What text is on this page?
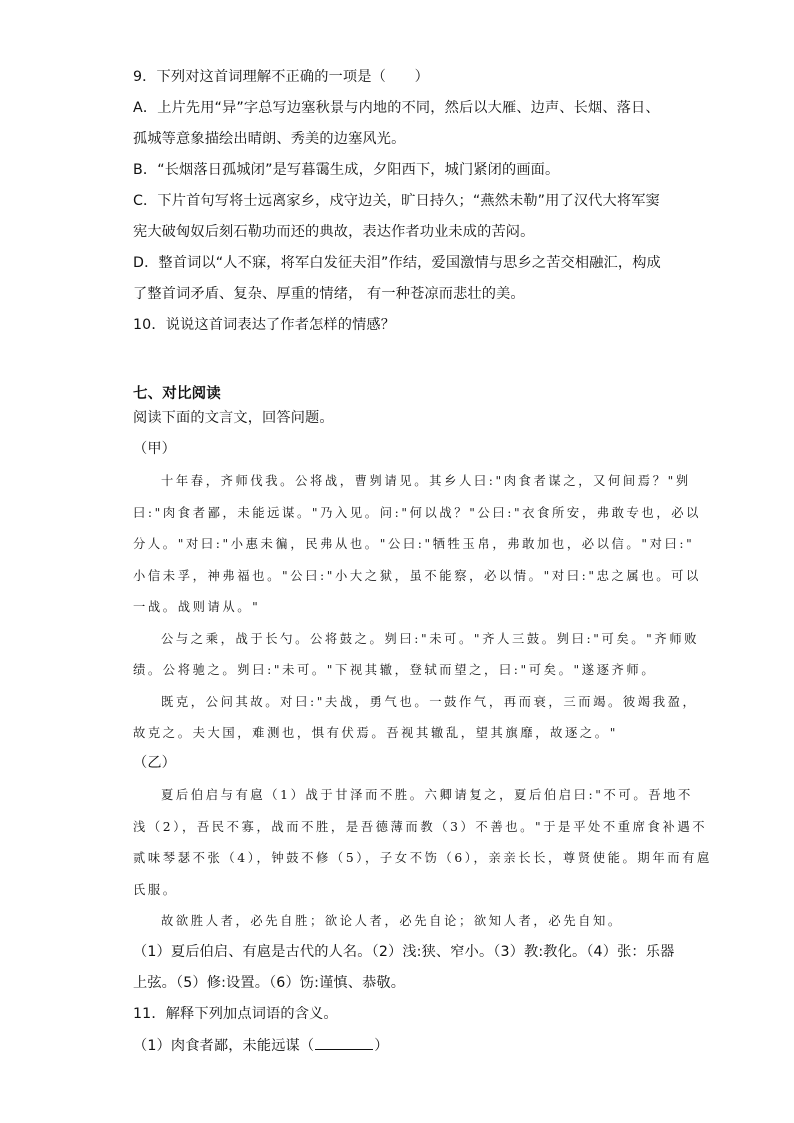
9．下列对这首词理解不正确的一项是（　　）
A．上片先用“异”字总写边塞秋景与内地的不同，然后以大雁、边声、长烟、落日、
孤城等意象描绘出晴朗、秀美的边塞风光。
B．“长烟落日孤城闭”是写暮霭生成，夕阳西下，城门紧闭的画面。
C．下片首句写将士远离家乡，戍守边关，旷日持久；“燕然未勒”用了汉代大将军窦
宪大破匈奴后刻石勒功而还的典故，表达作者功业未成的苦闷。
D．整首词以“人不寐，将军白发征夫泪”作结，爱国激情与思乡之苦交相融汇，构成
了整首词矛盾、复杂、厚重的情绪， 有一种苍凉而悲壮的美。
10．说说这首词表达了作者怎样的情感？
七、对比阅读
阅读下面的文言文，回答问题。
（甲）
十年春，齐师伐我。公将战，曹刿请见。其乡人曰:"肉食者谋之，又何间焉？"刿
曰:"肉食者鄙，未能远谋。"乃入见。问:"何以战？"公曰:"衣食所安，弗敢专也，必以
分人。"对曰:"小惠未徧，民弗从也。"公曰:"牺牲玉帛，弗敢加也，必以信。"对曰:"
小信未孚，神弗福也。"公曰:"小大之狱，虽不能察，必以情。"对曰:"忠之属也。可以
一战。战则请从。"
公与之乘，战于长勺。公将鼓之。刿曰:"未可。"齐人三鼓。刿曰:"可矣。"齐师败
绩。公将驰之。刿曰:"未可。"下视其辙，登轼而望之，曰:"可矣。"遂逐齐师。
既克，公问其故。对曰:"夫战，勇气也。一鼓作气，再而衰，三而竭。彼竭我盈，
故克之。夫大国，难测也，惧有伏焉。吾视其辙乱，望其旗靡，故逐之。"
（乙）
夏后伯启与有扈（1）战于甘泽而不胜。六卿请复之，夏后伯启曰:"不可。吾地不
浅（2），吾民不寡，战而不胜，是吾德薄而教（3）不善也。"于是平处不重席食补遇不
贰味琴瑟不张（4），钟鼓不修（5），子女不饬（6），亲亲长长，尊贤使能。期年而有扈
氏服。
故欲胜人者，必先自胜；欲论人者，必先自论；欲知人者，必先自知。
（1）夏后伯启、有扈是古代的人名。（2）浅:狭、窄小。（3）教:教化。（4）张：乐器
上弦。（5）修:设置。（6）饬:谨慎、恭敬。
11．解释下列加点词语的含义。
（1）肉食者鄙，未能远谋（	）
